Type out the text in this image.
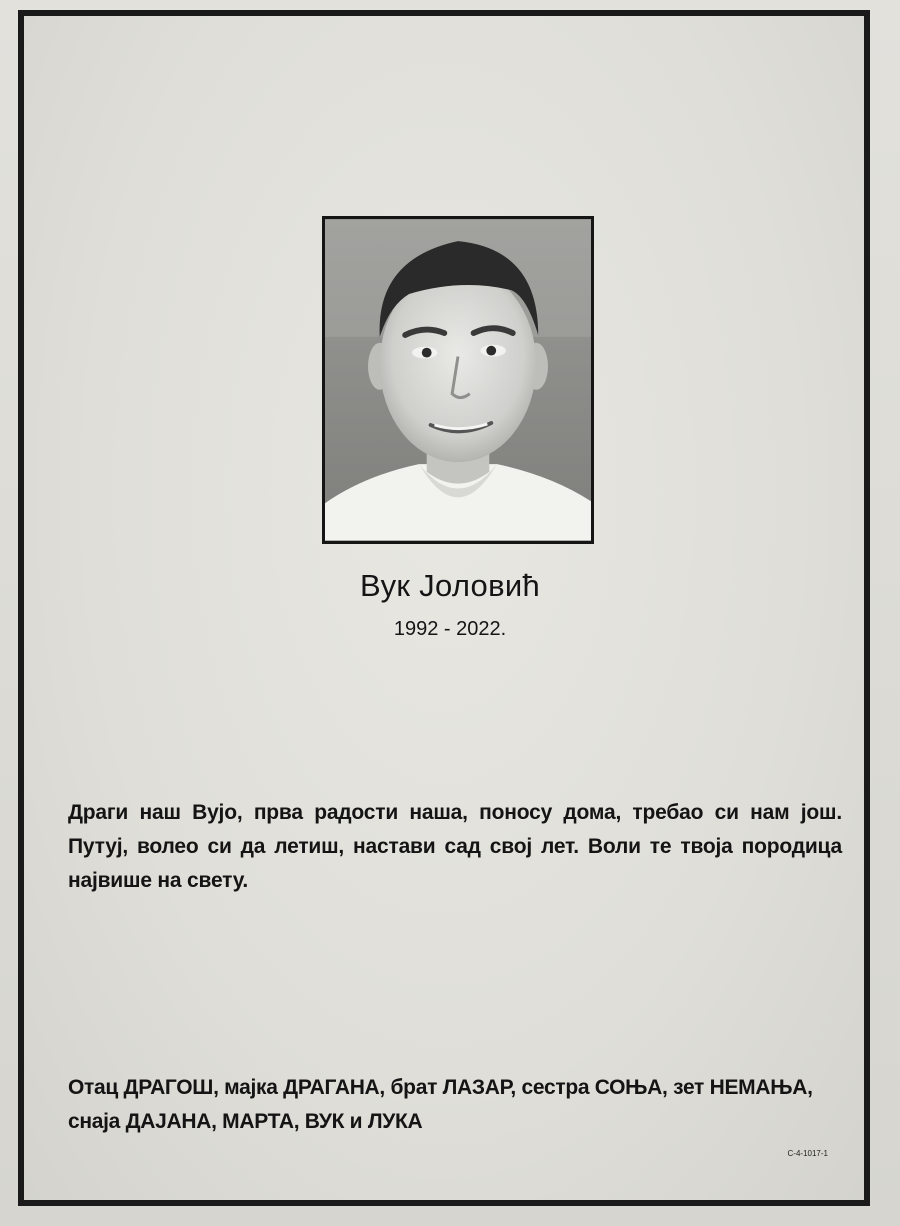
Вук Јоловић
1992 - 2022.
Драги наш Вујо, прва радости наша, поносу дома, требао си нам још. Путуј, волео си да летиш, настави сад свој лет. Воли те твоја породица највише на свету.
Отац ДРАГОШ, мајка ДРАГАНА, брат ЛАЗАР, сестра СОЊА, зет НЕМАЊА,
снаја ДАЈАНА, МАРТА, ВУК и ЛУКА
С-4-1017-1
